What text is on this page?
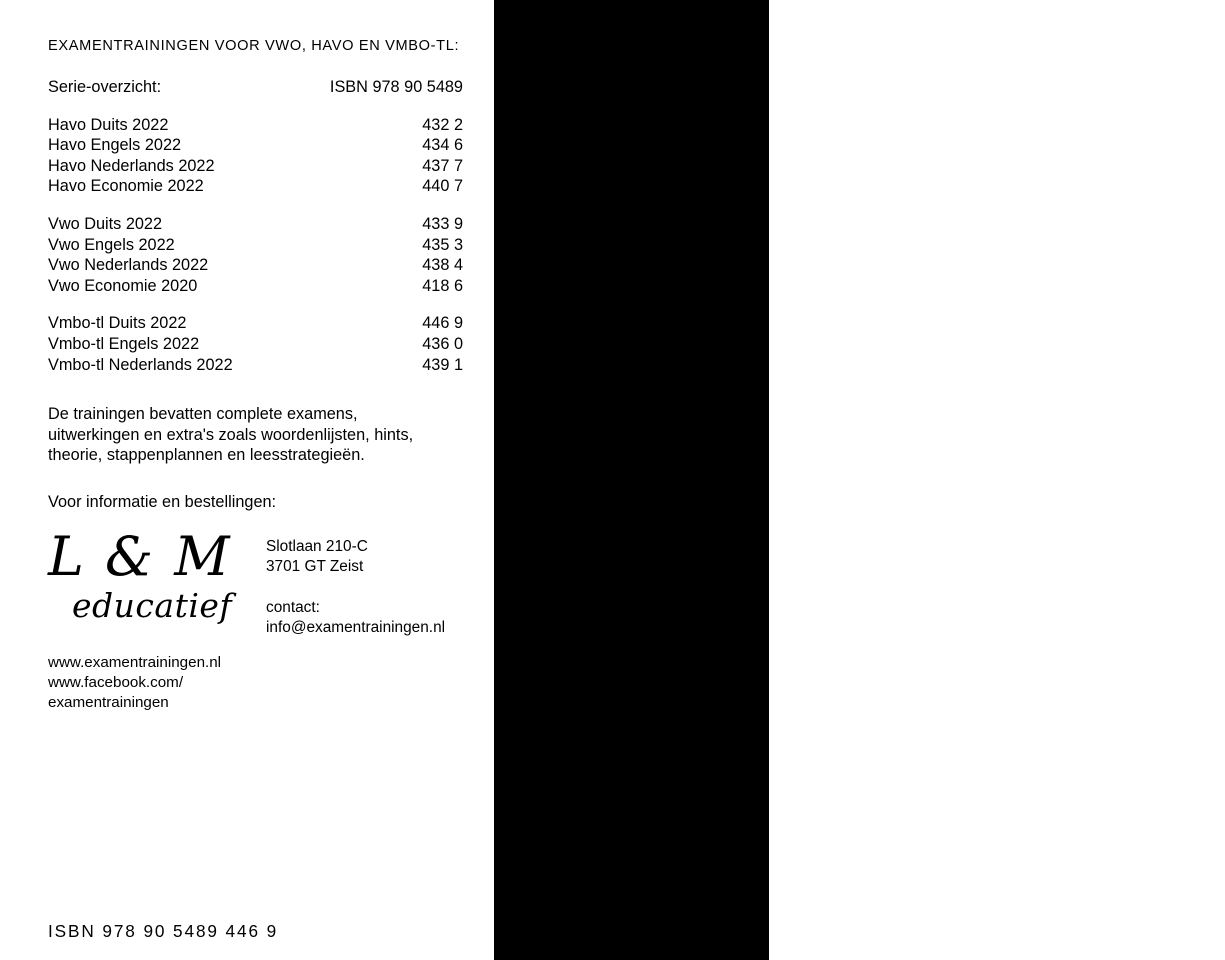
EXAMENTRAININGEN VOOR VWO, HAVO EN VMBO-TL:
Serie-overzicht:	ISBN 978 90 5489

Havo Duits 2022	432 2
Havo Engels 2022	434 6
Havo Nederlands 2022	437 7
Havo Economie 2022	440 7

Vwo Duits 2022	433 9
Vwo Engels 2022	435 3
Vwo Nederlands 2022	438 4
Vwo Economie 2020	418 6

Vmbo-tl Duits 2022	446 9
Vmbo-tl Engels 2022	436 0
Vmbo-tl Nederlands 2022	439 1
De trainingen bevatten complete examens, uitwerkingen en extra's zoals woordenlijsten, hints, theorie, stappenplannen en leesstrategieën.
Voor informatie en bestellingen:
L & M
educatief
Slotlaan 210-C
3701 GT Zeist
contact:
info@examentrainingen.nl
www.examentrainingen.nl
www.facebook.com/
examentrainingen
ISBN 978 90 5489 446 9
EXAMENTRAINING VMBO-TL DUITS 2022
L & M
